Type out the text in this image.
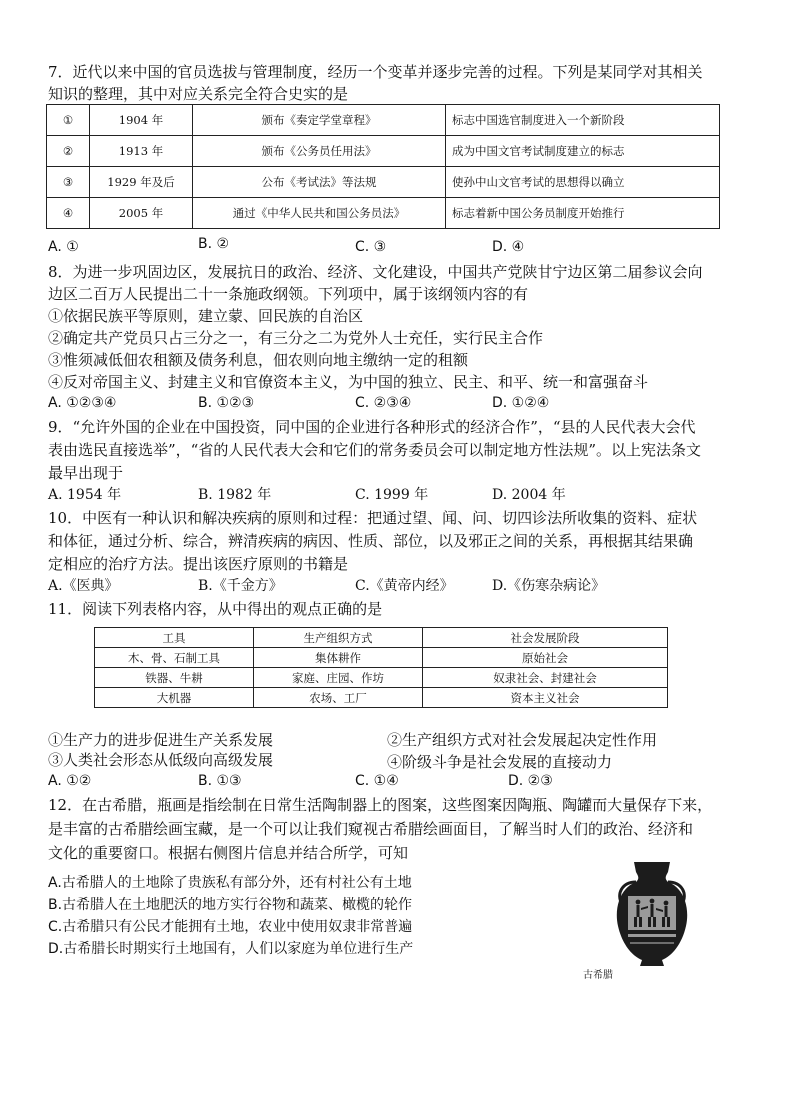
7．近代以来中国的官员选拔与管理制度，经历一个变革并逐步完善的过程。下列是某同学对其相关
知识的整理，其中对应关系完全符合史实的是
①	1904 年	颁布《奏定学堂章程》	标志中国选官制度进入一个新阶段
②	1913 年	颁布《公务员任用法》	成为中国文官考试制度建立的标志
③	1929 年及后	公布《考试法》等法规	使孙中山文官考试的思想得以确立
④	2005 年	通过《中华人民共和国公务员法》	标志着新中国公务员制度开始推行
A. ①	B. ②	C. ③	D. ④
8．为进一步巩固边区，发展抗日的政治、经济、文化建设，中国共产党陕甘宁边区第二届参议会向
边区二百万人民提出二十一条施政纲领。下列项中，属于该纲领内容的有
①依据民族平等原则，建立蒙、回民族的自治区
②确定共产党员只占三分之一，有三分之二为党外人士充任，实行民主合作
③惟须减低佃农租额及债务利息，佃农则向地主缴纳一定的租额
④反对帝国主义、封建主义和官僚资本主义，为中国的独立、民主、和平、统一和富强奋斗
A. ①②③④	B. ①②③	C. ②③④	D. ①②④
9．“允许外国的企业在中国投资，同中国的企业进行各种形式的经济合作”，“县的人民代表大会代
表由选民直接选举”，“省的人民代表大会和它们的常务委员会可以制定地方性法规”。以上宪法条文
最早出现于
A. 1954 年	B. 1982 年	C. 1999 年	D. 2004 年
10．中医有一种认识和解决疾病的原则和过程：把通过望、闻、问、切四诊法所收集的资料、症状
和体征，通过分析、综合，辨清疾病的病因、性质、部位，以及邪正之间的关系，再根据其结果确
定相应的治疗方法。提出该医疗原则的书籍是
A.《医典》	B.《千金方》	C.《黄帝内经》	D.《伤寒杂病论》
11．阅读下列表格内容，从中得出的观点正确的是
工具	生产组织方式	社会发展阶段
木、骨、石制工具	集体耕作	原始社会
铁器、牛耕	家庭、庄园、作坊	奴隶社会、封建社会
大机器	农场、工厂	资本主义社会
①生产力的进步促进生产关系发展	②生产组织方式对社会发展起决定性作用
③人类社会形态从低级向高级发展	④阶级斗争是社会发展的直接动力
A. ①②	B. ①③	C. ①④	D. ②③
12．在古希腊，瓶画是指绘制在日常生活陶制器上的图案，这些图案因陶瓶、陶罐而大量保存下来，
是丰富的古希腊绘画宝藏，是一个可以让我们窥视古希腊绘画面目，了解当时人们的政治、经济和
文化的重要窗口。根据右侧图片信息并结合所学，可知
A.古希腊人的土地除了贵族私有部分外，还有村社公有土地
B.古希腊人在土地肥沃的地方实行谷物和蔬菜、橄榄的轮作
C.古希腊只有公民才能拥有土地，农业中使用奴隶非常普遍
D.古希腊长时期实行土地国有，人们以家庭为单位进行生产
古希腊
